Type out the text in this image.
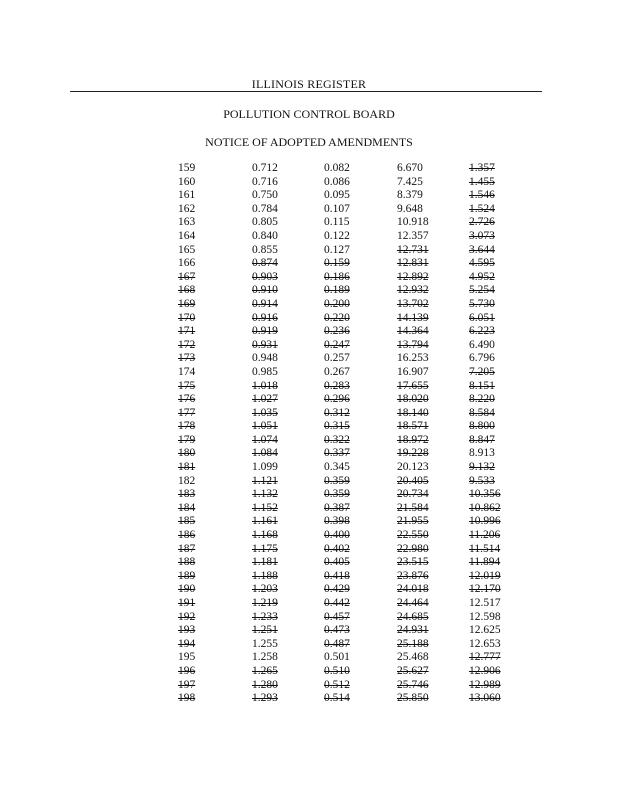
ILLINOIS REGISTER
POLLUTION CONTROL BOARD
NOTICE OF ADOPTED AMENDMENTS
159	0.712	0.082	6.670	1.357
160	0.716	0.086	7.425	1.455
161	0.750	0.095	8.379	1.546
162	0.784	0.107	9.648	1.524
163	0.805	0.115	10.918	2.726
164	0.840	0.122	12.357	3.073
165	0.855	0.127	12.731	3.644
166	0.874	0.159	12.831	4.595
167	0.903	0.186	12.892	4.952
168	0.910	0.189	12.932	5.254
169	0.914	0.200	13.702	5.730
170	0.916	0.220	14.139	6.051
171	0.919	0.236	14.364	6.223
172	0.931	0.247	13.794	6.490
173	0.948	0.257	16.253	6.796
174	0.985	0.267	16.907	7.205
175	1.018	0.283	17.655	8.151
176	1.027	0.296	18.020	8.220
177	1.035	0.312	18.140	8.584
178	1.051	0.315	18.571	8.800
179	1.074	0.322	18.972	8.847
180	1.084	0.337	19.228	8.913
181	1.099	0.345	20.123	9.132
182	1.121	0.359	20.405	9.533
183	1.132	0.359	20.734	10.356
184	1.152	0.387	21.584	10.862
185	1.161	0.398	21.955	10.996
186	1.168	0.400	22.550	11.206
187	1.175	0.402	22.980	11.514
188	1.181	0.405	23.515	11.894
189	1.188	0.418	23.876	12.019
190	1.203	0.429	24.018	12.170
191	1.219	0.442	24.464	12.517
192	1.233	0.457	24.685	12.598
193	1.251	0.473	24.931	12.625
194	1.255	0.487	25.188	12.653
195	1.258	0.501	25.468	12.777
196	1.265	0.510	25.627	12.906
197	1.280	0.512	25.746	12.989
198	1.293	0.514	25.850	13.060
